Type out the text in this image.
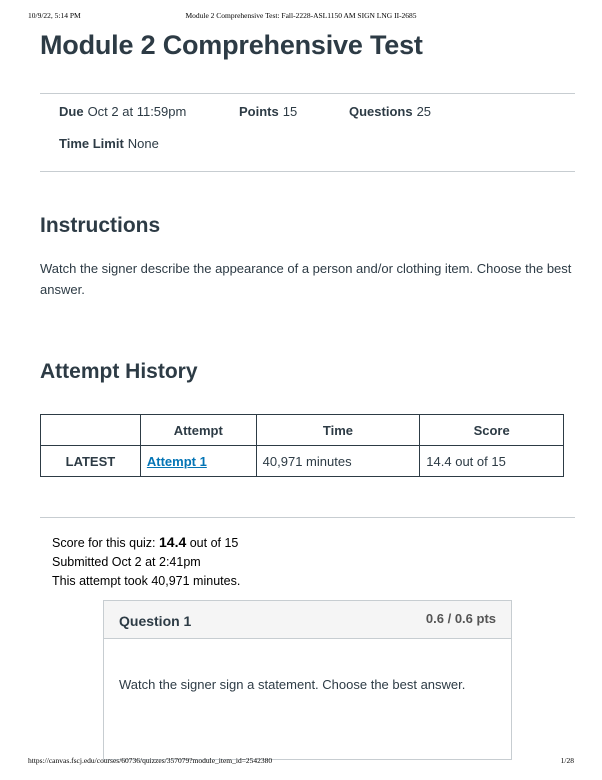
10/9/22, 5:14 PM	Module 2 Comprehensive Test: Fall-2228-ASL1150 AM SIGN LNG II-2685
Module 2 Comprehensive Test
Due Oct 2 at 11:59pm	Points 15	Questions 25
Time Limit None
Instructions

Watch the signer describe the appearance of a person and/or clothing item. Choose the best answer.

Attempt History
	Attempt	Time	Score
LATEST	Attempt 1	40,971 minutes	14.4 out of 15
Score for this quiz: 14.4 out of 15
Submitted Oct 2 at 2:41pm
This attempt took 40,971 minutes.
Question 1	0.6 / 0.6 pts
Watch the signer sign a statement. Choose the best answer.
https://canvas.fscj.edu/courses/60736/quizzes/357079?module_item_id=2542380	1/28
